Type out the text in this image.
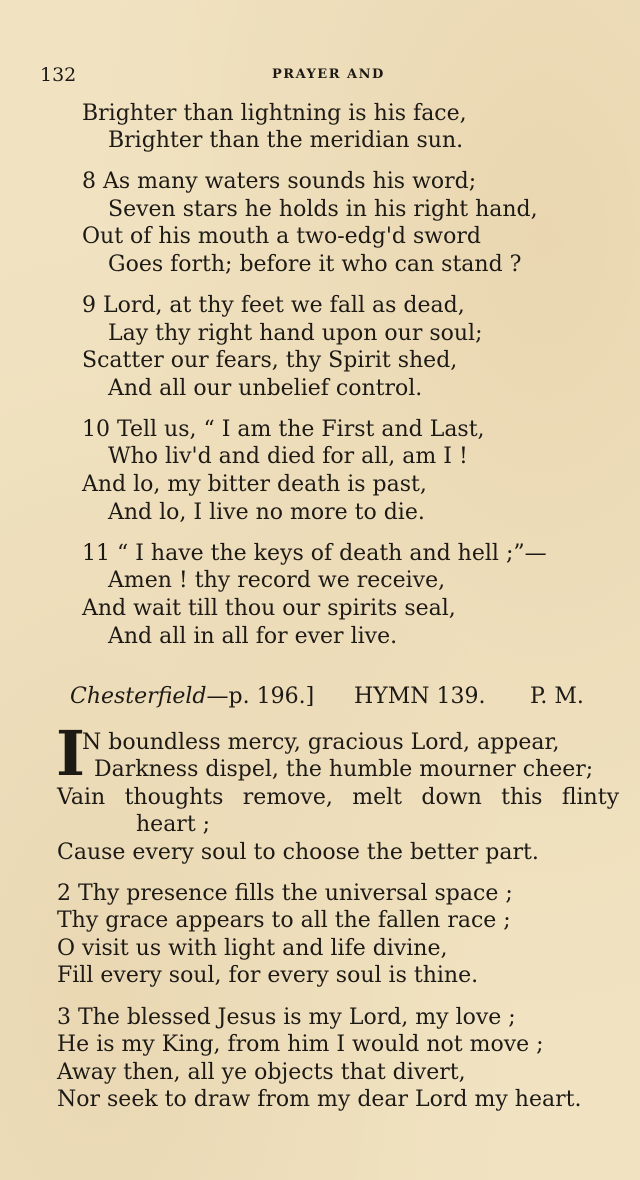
132	PRAYER AND
Brighter than lightning is his face,
Brighter than the meridian sun.
8 As many waters sounds his word;
Seven stars he holds in his right hand,
Out of his mouth a two-edg'd sword
Goes forth; before it who can stand ?
9 Lord, at thy feet we fall as dead,
Lay thy right hand upon our soul;
Scatter our fears, thy Spirit shed,
And all our unbelief control.
10 Tell us, “ I am the First and Last,
Who liv'd and died for all, am I !
And lo, my bitter death is past,
And lo, I live no more to die.
11 “ I have the keys of death and hell ;”—
Amen ! thy record we receive,
And wait till thou our spirits seal,
And all in all for ever live.
Chesterfield—p. 196.] HYMN 139. P. M.
I
N boundless mercy, gracious Lord, appear,
Darkness dispel, the humble mourner cheer;
Vain thoughts remove, melt down this flinty
heart ;
Cause every soul to choose the better part.
2 Thy presence fills the universal space ;
Thy grace appears to all the fallen race ;
O visit us with light and life divine,
Fill every soul, for every soul is thine.
3 The blessed Jesus is my Lord, my love ;
He is my King, from him I would not move ;
Away then, all ye objects that divert,
Nor seek to draw from my dear Lord my heart.
